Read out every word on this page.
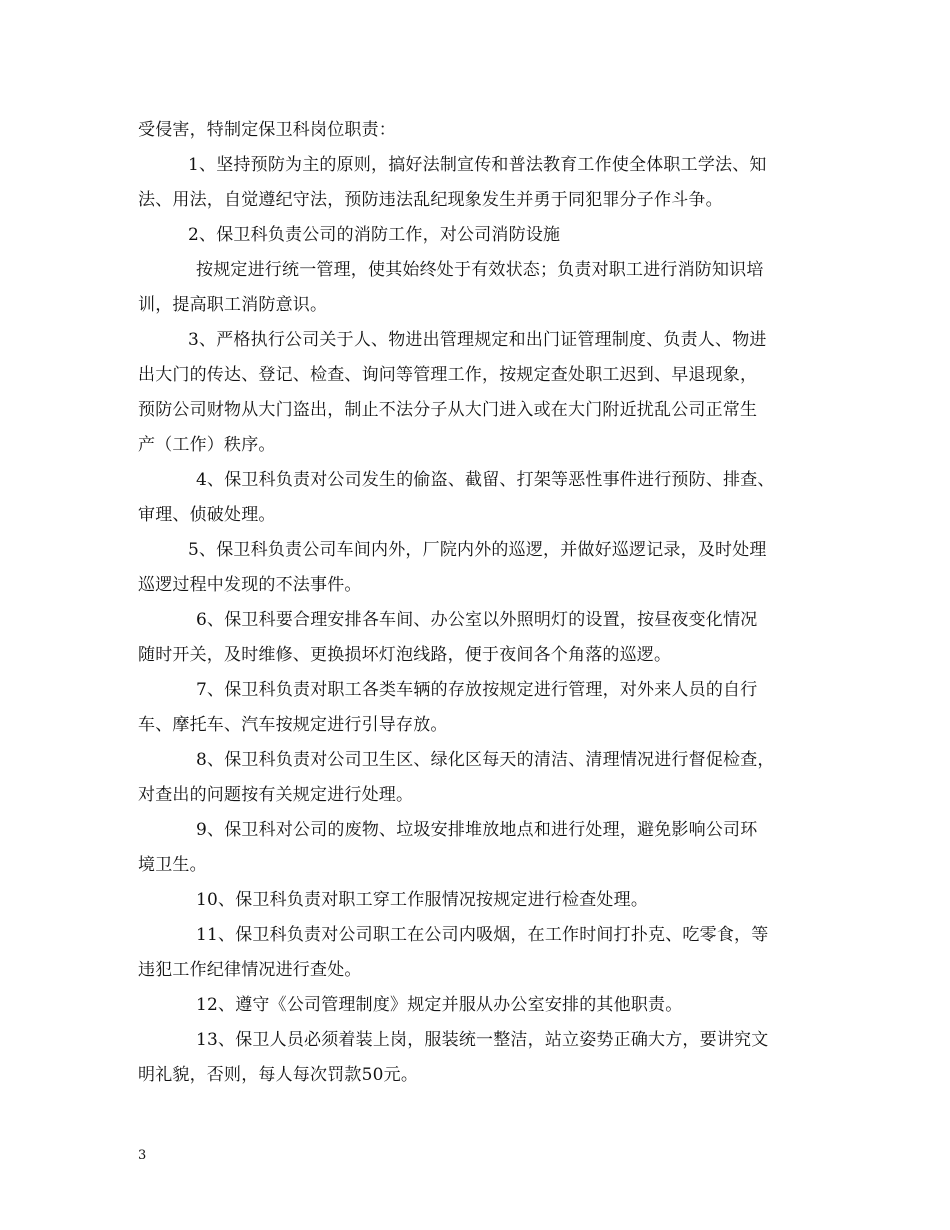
受侵害，特制定保卫科岗位职责：
1、坚持预防为主的原则，搞好法制宣传和普法教育工作使全体职工学法、知
法、用法，自觉遵纪守法，预防违法乱纪现象发生并勇于同犯罪分子作斗争。
2、保卫科负责公司的消防工作，对公司消防设施
按规定进行统一管理，使其始终处于有效状态；负责对职工进行消防知识培
训，提高职工消防意识。
3、严格执行公司关于人、物进出管理规定和出门证管理制度、负责人、物进
出大门的传达、登记、检查、询问等管理工作，按规定查处职工迟到、早退现象，
预防公司财物从大门盗出，制止不法分子从大门进入或在大门附近扰乱公司正常生
产（工作）秩序。
4、保卫科负责对公司发生的偷盗、截留、打架等恶性事件进行预防、排查、
审理、侦破处理。
5、保卫科负责公司车间内外，厂院内外的巡逻，并做好巡逻记录，及时处理
巡逻过程中发现的不法事件。
6、保卫科要合理安排各车间、办公室以外照明灯的设置，按昼夜变化情况
随时开关，及时维修、更换损坏灯泡线路，便于夜间各个角落的巡逻。
7、保卫科负责对职工各类车辆的存放按规定进行管理，对外来人员的自行
车、摩托车、汽车按规定进行引导存放。
8、保卫科负责对公司卫生区、绿化区每天的清洁、清理情况进行督促检查，
对查出的问题按有关规定进行处理。
9、保卫科对公司的废物、垃圾安排堆放地点和进行处理，避免影响公司环
境卫生。
10、保卫科负责对职工穿工作服情况按规定进行检查处理。
11、保卫科负责对公司职工在公司内吸烟，在工作时间打扑克、吃零食，等
违犯工作纪律情况进行查处。
12、遵守《公司管理制度》规定并服从办公室安排的其他职责。
13、保卫人员必须着装上岗，服装统一整洁，站立姿势正确大方，要讲究文
明礼貌，否则，每人每次罚款50元。
3
